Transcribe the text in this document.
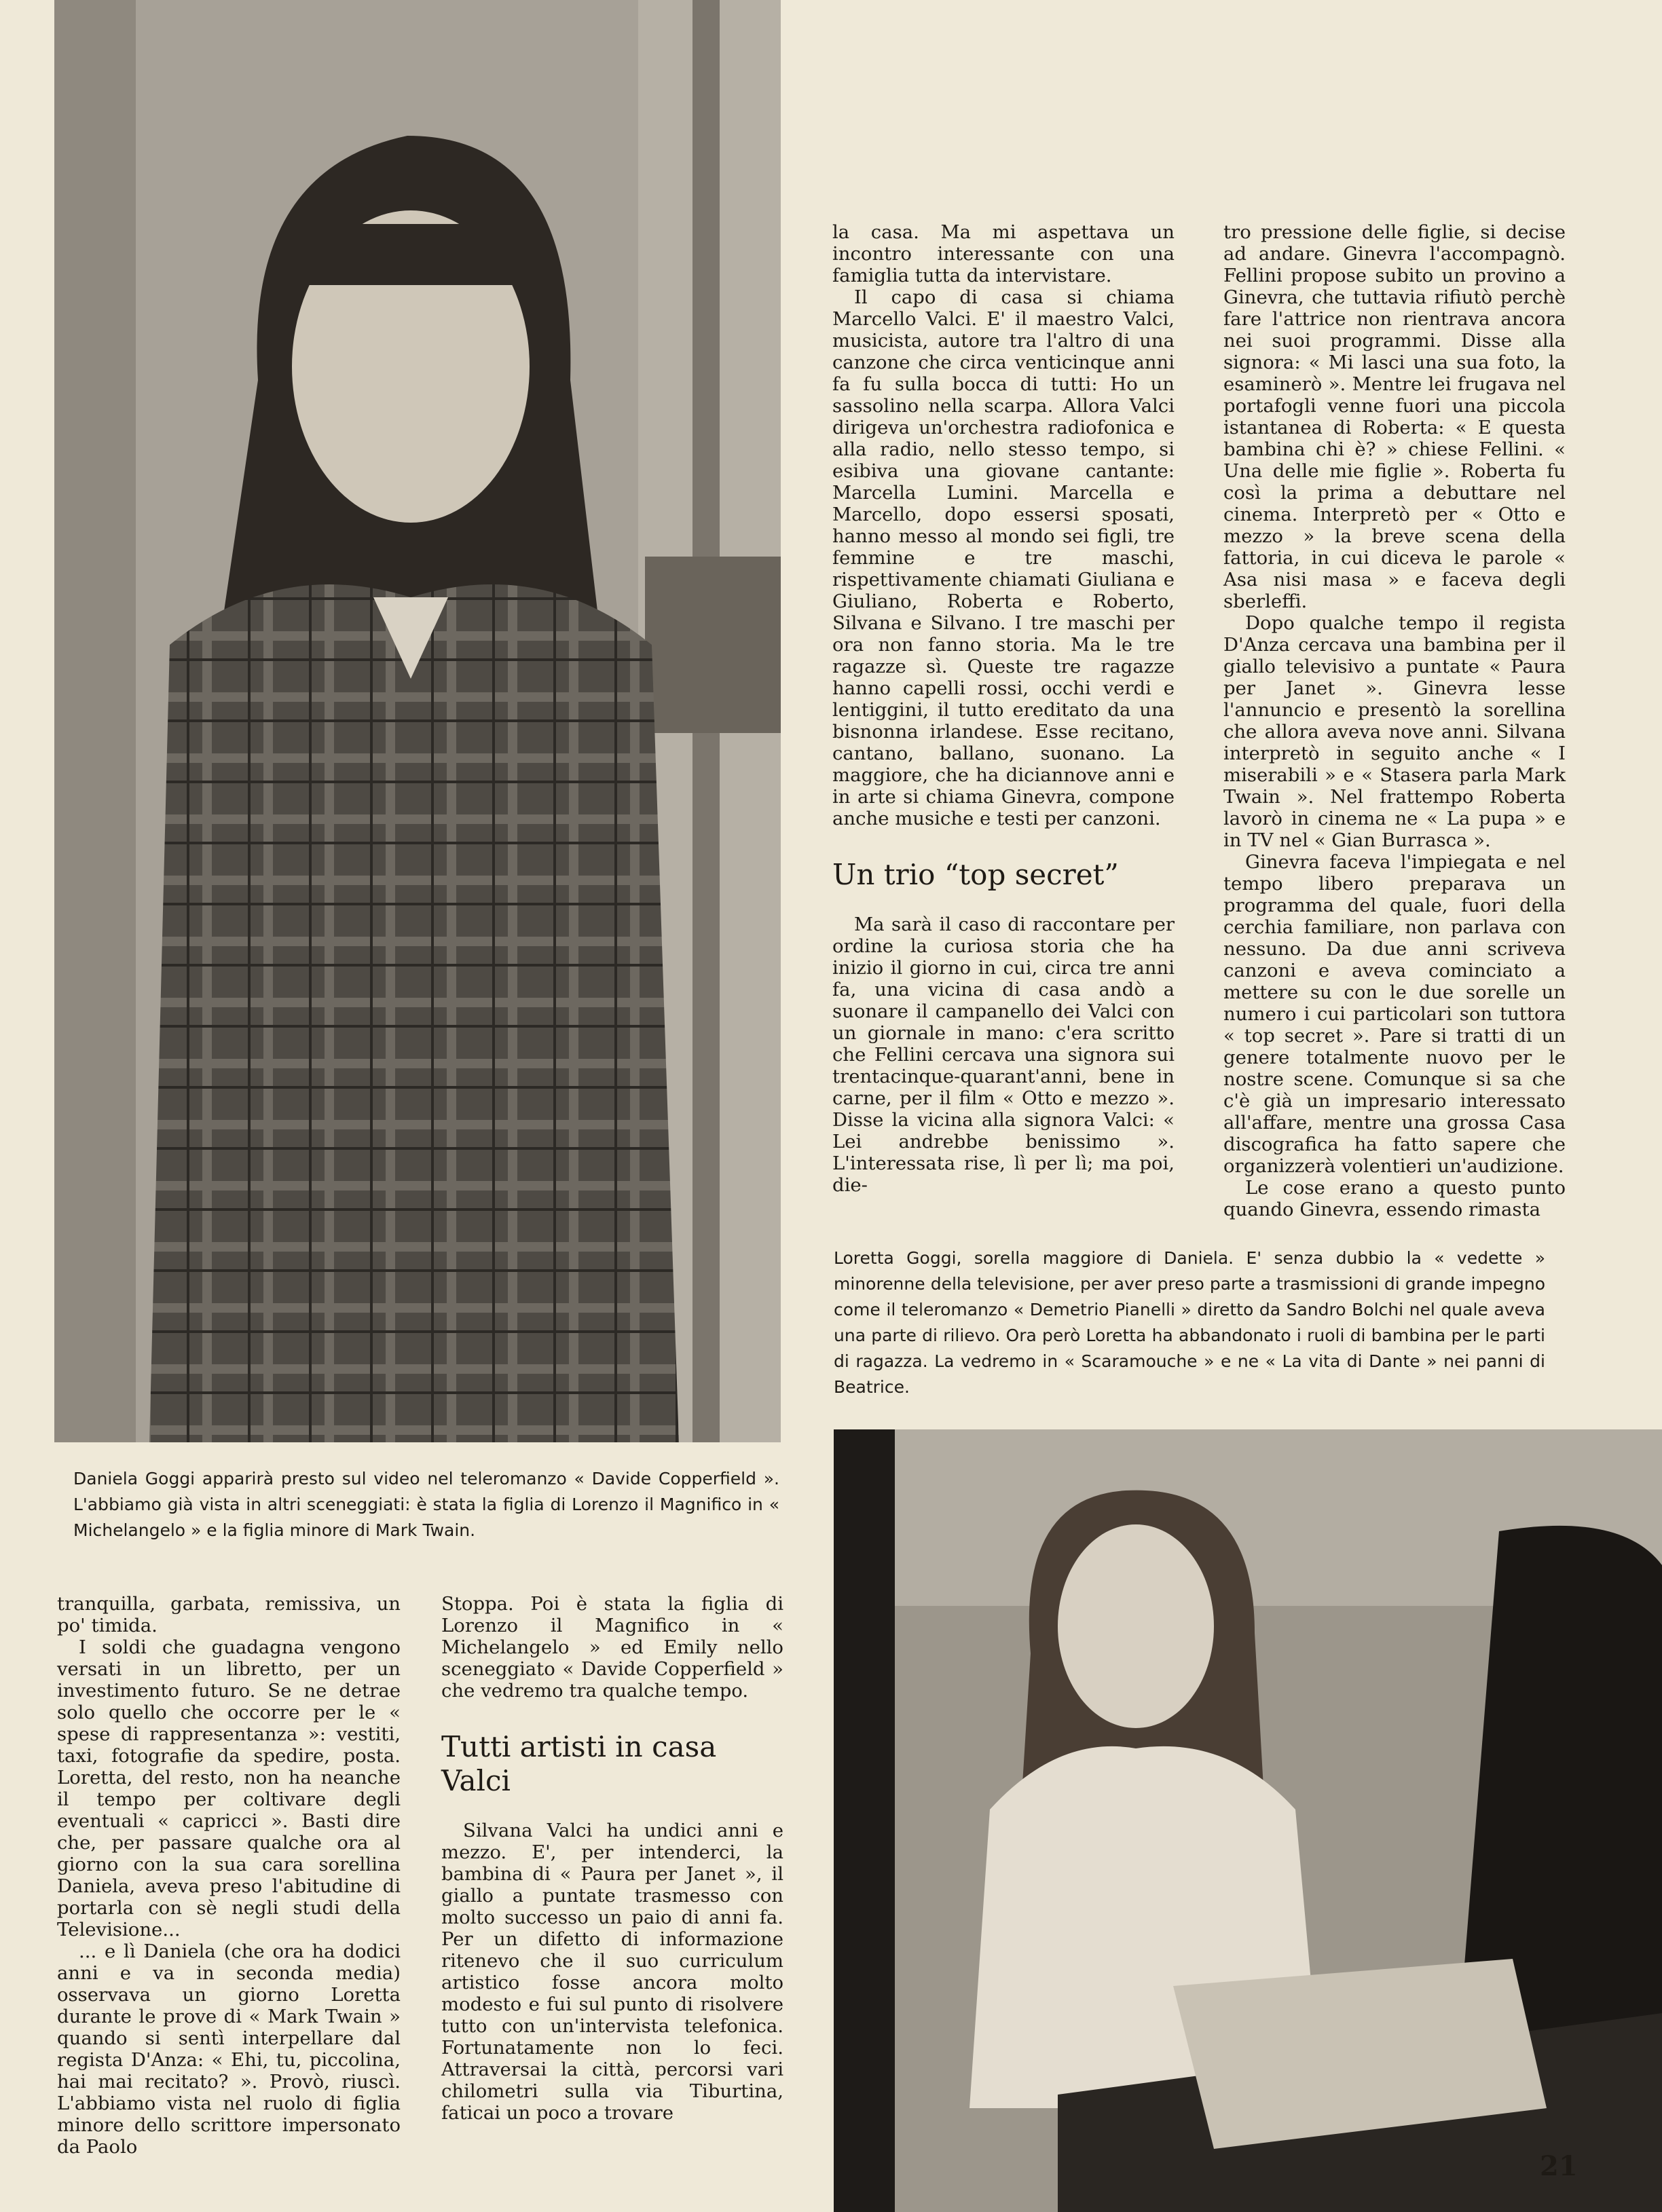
la casa. Ma mi aspettava un incontro interessante con una famiglia tutta da intervistare.

Il capo di casa si chiama Marcello Valci. E' il maestro Valci, musicista, autore tra l'altro di una canzone che circa venticinque anni fa fu sulla bocca di tutti: Ho un sassolino nella scarpa. Allora Valci dirigeva un'orchestra radiofonica e alla radio, nello stesso tempo, si esibiva una giovane cantante: Marcella Lumini. Marcella e Marcello, dopo essersi sposati, hanno messo al mondo sei figli, tre femmine e tre maschi, rispettivamente chiamati Giuliana e Giuliano, Roberta e Roberto, Silvana e Silvano. I tre maschi per ora non fanno storia. Ma le tre ragazze sì. Queste tre ragazze hanno capelli rossi, occhi verdi e lentiggini, il tutto ereditato da una bisnonna irlandese. Esse recitano, cantano, ballano, suonano. La maggiore, che ha diciannove anni e in arte si chiama Ginevra, compone anche musiche e testi per canzoni.

Un trio “top secret”

Ma sarà il caso di raccontare per ordine la curiosa storia che ha inizio il giorno in cui, circa tre anni fa, una vicina di casa andò a suonare il campanello dei Valci con un giornale in mano: c'era scritto che Fellini cercava una signora sui trentacinque-quarant'anni, bene in carne, per il film « Otto e mezzo ». Disse la vicina alla signora Valci: « Lei andrebbe benissimo ». L'interessata rise, lì per lì; ma poi, die-

tro pressione delle figlie, si decise ad andare. Ginevra l'accompagnò. Fellini propose subito un provino a Ginevra, che tuttavia rifiutò perchè fare l'attrice non rientrava ancora nei suoi programmi. Disse alla signora: « Mi lasci una sua foto, la esaminerò ». Mentre lei frugava nel portafogli venne fuori una piccola istantanea di Roberta: « E questa bambina chi è? » chiese Fellini. « Una delle mie figlie ». Roberta fu così la prima a debuttare nel cinema. Interpretò per « Otto e mezzo » la breve scena della fattoria, in cui diceva le parole « Asa nisi masa » e faceva degli sberleffi.

Dopo qualche tempo il regista D'Anza cercava una bambina per il giallo televisivo a puntate « Paura per Janet ». Ginevra lesse l'annuncio e presentò la sorellina che allora aveva nove anni. Silvana interpretò in seguito anche « I miserabili » e « Stasera parla Mark Twain ». Nel frattempo Roberta lavorò in cinema ne « La pupa » e in TV nel « Gian Burrasca ».

Ginevra faceva l'impiegata e nel tempo libero preparava un programma del quale, fuori della cerchia familiare, non parlava con nessuno. Da due anni scriveva canzoni e aveva cominciato a mettere su con le due sorelle un numero i cui particolari son tuttora « top secret ». Pare si tratti di un genere totalmente nuovo per le nostre scene. Comunque si sa che c'è già un impresario interessato all'affare, mentre una grossa Casa discografica ha fatto sapere che organizzerà volentieri un'audizione.

Le cose erano a questo punto quando Ginevra, essendo rimasta

Loretta Goggi, sorella maggiore di Daniela. E' senza dubbio la « vedette » minorenne della televisione, per aver preso parte a trasmissioni di grande impegno come il teleromanzo « Demetrio Pianelli » diretto da Sandro Bolchi nel quale aveva una parte di rilievo. Ora però Loretta ha abbandonato i ruoli di bambina per le parti di ragazza. La vedremo in « Scaramouche » e ne « La vita di Dante » nei panni di Beatrice.
Daniela Goggi apparirà presto sul video nel teleromanzo « Davide Copperfield ». L'abbiamo già vista in altri sceneggiati: è stata la figlia di Lorenzo il Magnifico in « Michelangelo » e la figlia minore di Mark Twain.

tranquilla, garbata, remissiva, un po' timida.

I soldi che guadagna vengono versati in un libretto, per un investimento futuro. Se ne detrae solo quello che occorre per le « spese di rappresentanza »: vestiti, taxi, fotografie da spedire, posta. Loretta, del resto, non ha neanche il tempo per coltivare degli eventuali « capricci ». Basti dire che, per passare qualche ora al giorno con la sua cara sorellina Daniela, aveva preso l'abitudine di portarla con sè negli studi della Televisione...

... e lì Daniela (che ora ha dodici anni e va in seconda media) osservava un giorno Loretta durante le prove di « Mark Twain » quando si sentì interpellare dal regista D'Anza: « Ehi, tu, piccolina, hai mai recitato? ». Provò, riuscì. L'abbiamo vista nel ruolo di figlia minore dello scrittore impersonato da Paolo

Stoppa. Poi è stata la figlia di Lorenzo il Magnifico in « Michelangelo » ed Emily nello sceneggiato « Davide Copperfield » che vedremo tra qualche tempo.

Tutti artisti in casa Valci

Silvana Valci ha undici anni e mezzo. E', per intenderci, la bambina di « Paura per Janet », il giallo a puntate trasmesso con molto successo un paio di anni fa. Per un difetto di informazione ritenevo che il suo curriculum artistico fosse ancora molto modesto e fui sul punto di risolvere tutto con un'intervista telefonica. Fortunatamente non lo feci. Attraversai la città, percorsi vari chilometri sulla via Tiburtina, faticai un poco a trovare

21
